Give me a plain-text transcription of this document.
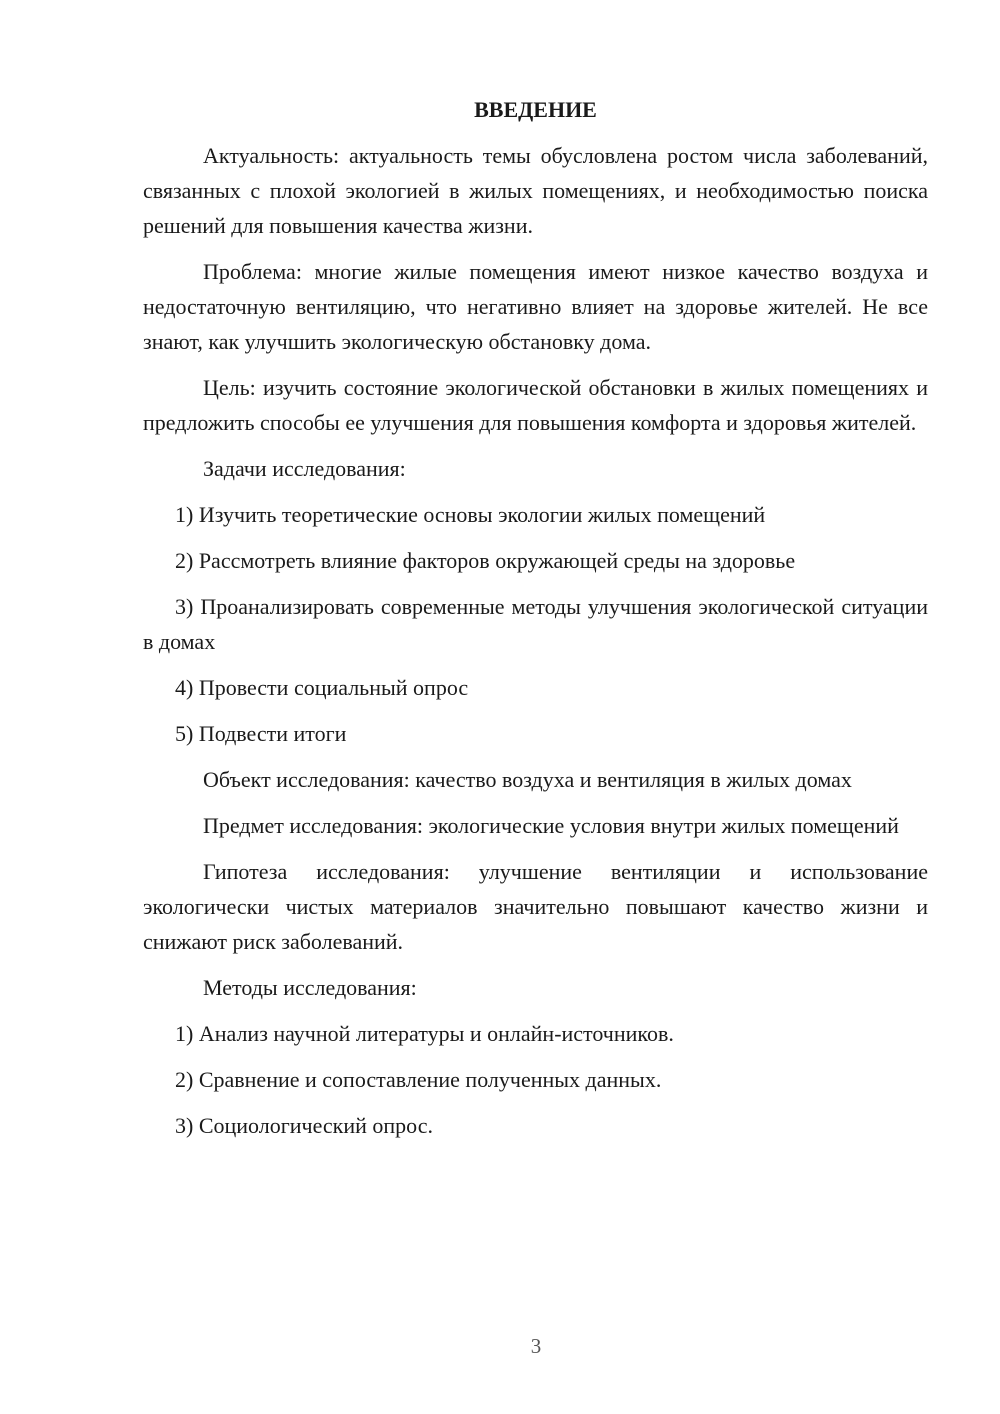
ВВЕДЕНИЕ

Актуальность: актуальность темы обусловлена ростом числа заболеваний, связанных с плохой экологией в жилых помещениях, и необходимостью поиска решений для повышения качества жизни.

Проблема: многие жилые помещения имеют низкое качество воздуха и недостаточную вентиляцию, что негативно влияет на здоровье жителей. Не все знают, как улучшить экологическую обстановку дома.

Цель: изучить состояние экологической обстановки в жилых помещениях и предложить способы ее улучшения для повышения комфорта и здоровья жителей.

Задачи исследования:

1) Изучить теоретические основы экологии жилых помещений

2) Рассмотреть влияние факторов окружающей среды на здоровье

3) Проанализировать современные методы улучшения экологической ситуации в домах

4) Провести социальный опрос

5) Подвести итоги

Объект исследования: качество воздуха и вентиляция в жилых домах

Предмет исследования: экологические условия внутри жилых помещений

Гипотеза исследования: улучшение вентиляции и использование экологически чистых материалов значительно повышают качество жизни и снижают риск заболеваний.

Методы исследования:

1) Анализ научной литературы и онлайн-источников.

2) Сравнение и сопоставление полученных данных.

3) Социологический опрос.

3
